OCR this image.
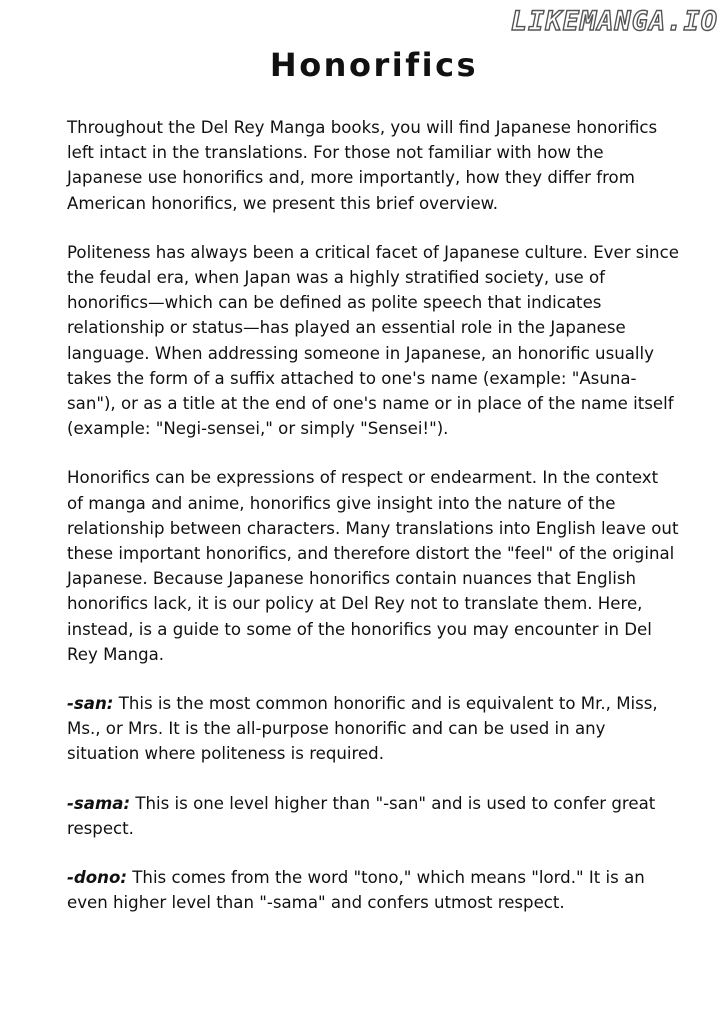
LIKEMANGA.IO
Honorifics

Throughout the Del Rey Manga books, you will find Japanese honorifics left intact in the translations. For those not familiar with how the Japanese use honorifics and, more importantly, how they differ from American honorifics, we present this brief overview.

Politeness has always been a critical facet of Japanese culture. Ever since the feudal era, when Japan was a highly stratified society, use of honorifics—which can be defined as polite speech that indicates relationship or status—has played an essential role in the Japanese language. When addressing someone in Japanese, an honorific usually takes the form of a suffix attached to one's name (example: "Asuna-san"), or as a title at the end of one's name or in place of the name itself (example: "Negi-sensei," or simply "Sensei!").

Honorifics can be expressions of respect or endearment. In the context of manga and anime, honorifics give insight into the nature of the relationship between characters. Many translations into English leave out these important honorifics, and therefore distort the "feel" of the original Japanese. Because Japanese honorifics contain nuances that English honorifics lack, it is our policy at Del Rey not to translate them. Here, instead, is a guide to some of the honorifics you may encounter in Del Rey Manga.

-san: This is the most common honorific and is equivalent to Mr., Miss, Ms., or Mrs. It is the all-purpose honorific and can be used in any situation where politeness is required.

-sama: This is one level higher than "-san" and is used to confer great respect.

-dono: This comes from the word "tono," which means "lord." It is an even higher level than "-sama" and confers utmost respect.
